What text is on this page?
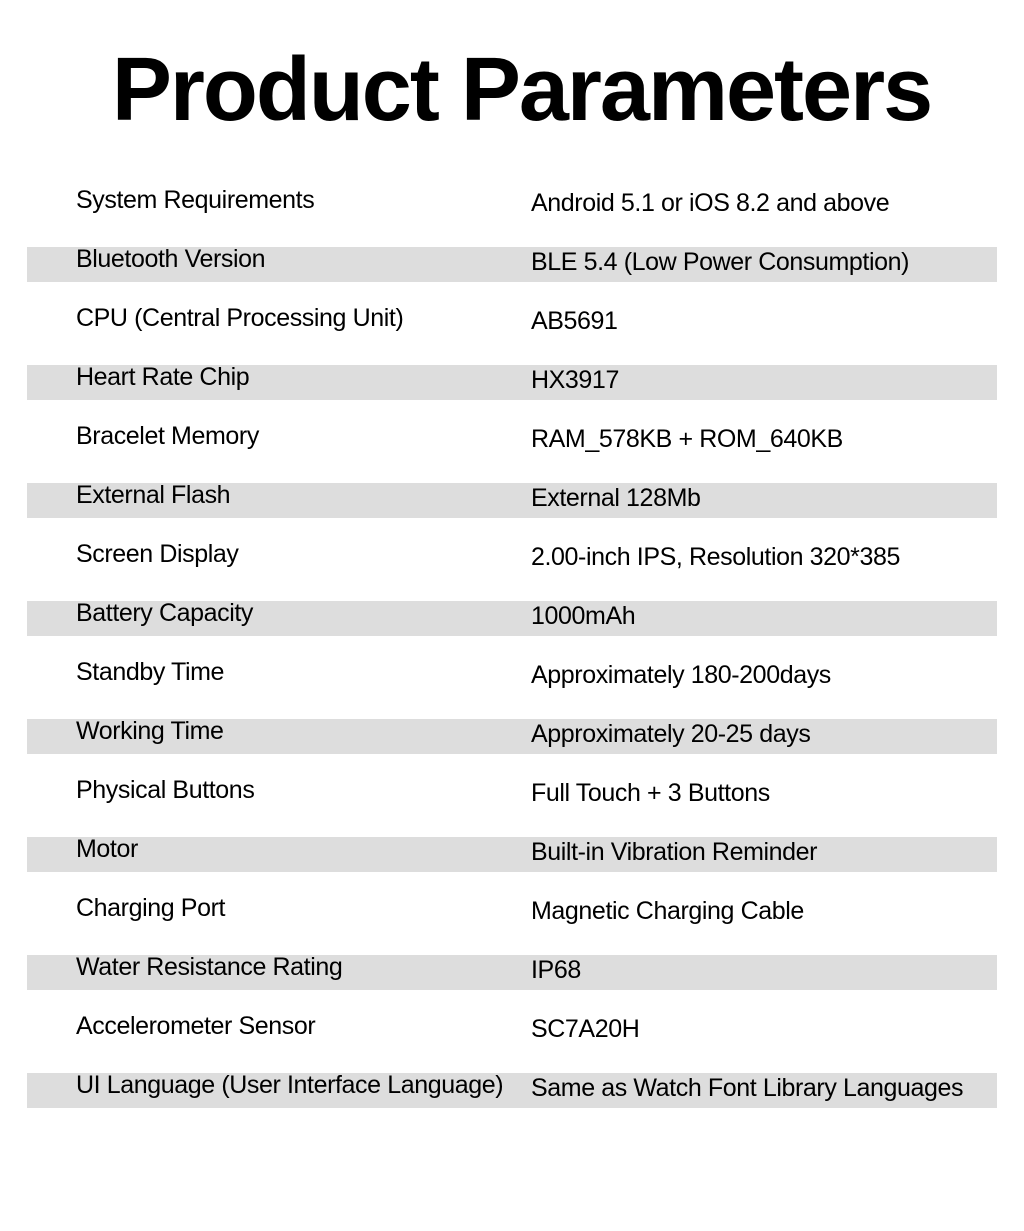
Product Parameters
System Requirements	Android 5.1 or iOS 8.2 and above
Bluetooth Version	BLE 5.4 (Low Power Consumption)
CPU (Central Processing Unit)	AB5691
Heart Rate Chip	HX3917
Bracelet Memory	RAM_578KB + ROM_640KB
External Flash	External 128Mb
Screen Display	2.00-inch IPS, Resolution 320*385
Battery Capacity	1000mAh
Standby Time	Approximately 180-200days
Working Time	Approximately 20-25 days
Physical Buttons	Full Touch + 3 Buttons
Motor	Built-in Vibration Reminder
Charging Port	Magnetic Charging Cable
Water Resistance Rating	IP68
Accelerometer Sensor	SC7A20H
UI Language (User Interface Language) Same as Watch Font Library Languages
